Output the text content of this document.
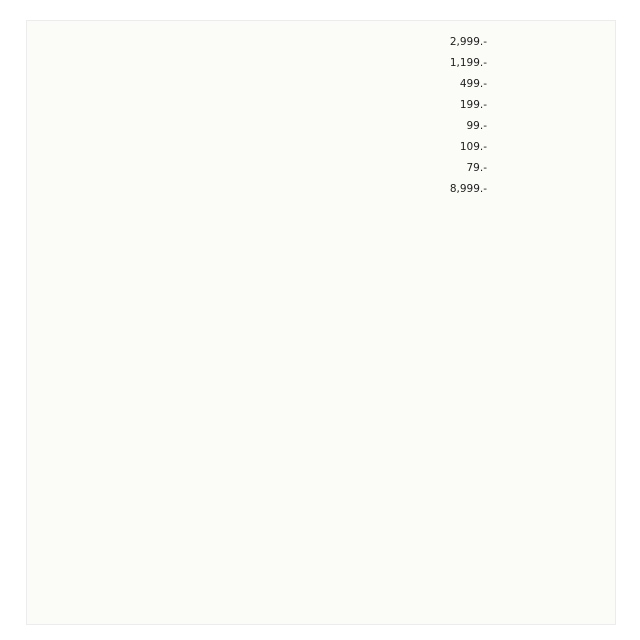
2,999.-
1,199.-
499.-
199.-
99.-
109.-
79.-
8,999.-
